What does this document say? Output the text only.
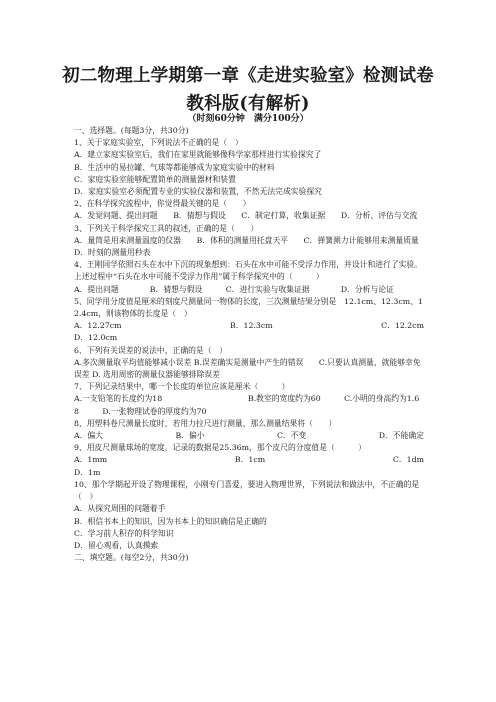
初二物理上学期第一章《走进实验室》检测试卷教科版(有解析)
（时刻60分钟　满分100分）

一、选择题。(每题3分，共30分)

1、关于家庭实验室，下列说法不正确的是（　）

A．建立家庭实验室后，我们在家里就能够像科学家那样进行实验探究了

B．生活中的易拉罐、气球等都能够成为家庭实验中的材料

C．家庭实验室能够配置简单的测量器材和装置

D．家庭实验室必须配置专业的实验仪器和装置，不然无法完成实验探究

2、在科学探究流程中，你觉得最关键的是（　　）

A．发觉问题、提出问题　　B．猜想与假设　　C．制定打算，收集证据　　D．分析、评估与交流

3、下列关于科学探究工具的叙述，正确的是（　　）

A．量筒是用来测量温度的仪器　　B．体积的测量用托盘天平　　C．弹簧测力计能够用来测量质量　　D．时刻的测量用秒表

4、王刚同学依照石头在水中下沉的现象想到：石头在水中可能不受浮力作用，并设计和进行了实验。上述过程中“石头在水中可能不受浮力作用”属于科学探究中的（　　　）

A．提出问题　　　　B．猜想与假设　　　C．进行实验与收集证据　　　　D．分析与论证

5、同学用分度值是厘米的刻度尺测量同一物体的长度，三次测量结果分别是　12.1cm、12.3cm、12.4cm，则该物体的长度是（　）

A．12.27cm	B．12.3cm	C．12.2cm

D．12.0cm

6、下列有关误差的说法中，正确的是（　）

A.多次测量取平均值能够减小误差 B.误差确实是测量中产生的错误　　C.只要认真测量，就能够幸免误差 D. 选用周密的测量仪器能够排除误差

7、下列记录结果中，哪一个长度的单位应该是厘米（　　　）

A.一支铅笔的长度约为18　　　　　　　　　　　B.教室的宽度约为60　　　C.小明的身高约为1.68　　　D.一张物理试卷的厚度约为70

8、用塑料卷尺测量长度时，若用力拉尺进行测量，那么测量结果将（　　）

A．偏大	B．偏小	C．不变	D．不能确定

9、用皮尺测量球场的宽度，记录的数据是25.36m，那个皮尺的分度值是（　　　）

A．1mm	B．1cm	C．1dm

D．1m

10、那个学期起开设了物理课程，小刚专门喜爱，要进入物理世界，下列说法和做法中，不正确的是（　）

A．从探究周围的问题着手

B．相信书本上的知识，因为书本上的知识确信是正确的

C．学习前人积存的科学知识

D．留心观看，认真摸索

二、填空题。(每空2分，共30分)
